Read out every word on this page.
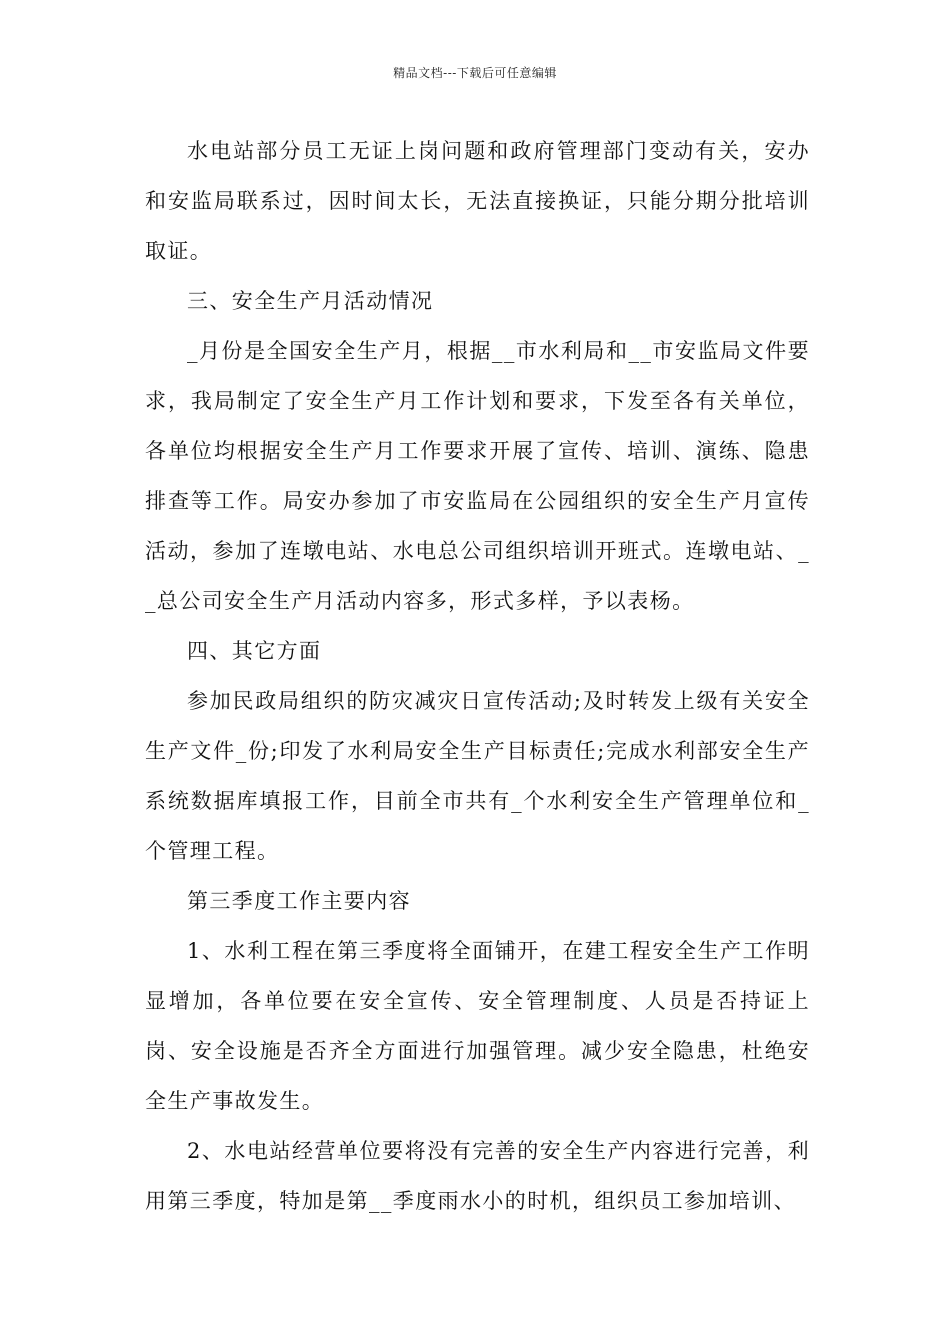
精品文档---下载后可任意编辑

水电站部分员工无证上岗问题和政府管理部门变动有关，安办和安监局联系过，因时间太长，无法直接换证，只能分期分批培训取证。

三、安全生产月活动情况

_月份是全国安全生产月，根据__市水利局和__市安监局文件要求，我局制定了安全生产月工作计划和要求，下发至各有关单位，各单位均根据安全生产月工作要求开展了宣传、培训、演练、隐患排查等工作。局安办参加了市安监局在公园组织的安全生产月宣传活动，参加了连墩电站、水电总公司组织培训开班式。连墩电站、__总公司安全生产月活动内容多，形式多样，予以表杨。

四、其它方面

参加民政局组织的防灾减灾日宣传活动;及时转发上级有关安全生产文件_份;印发了水利局安全生产目标责任;完成水利部安全生产系统数据库填报工作，目前全市共有_个水利安全生产管理单位和_个管理工程。

第三季度工作主要内容

1、水利工程在第三季度将全面铺开，在建工程安全生产工作明显增加，各单位要在安全宣传、安全管理制度、人员是否持证上岗、安全设施是否齐全方面进行加强管理。减少安全隐患，杜绝安全生产事故发生。

2、水电站经营单位要将没有完善的安全生产内容进行完善，利用第三季度，特加是第__季度雨水小的时机，组织员工参加培训、
